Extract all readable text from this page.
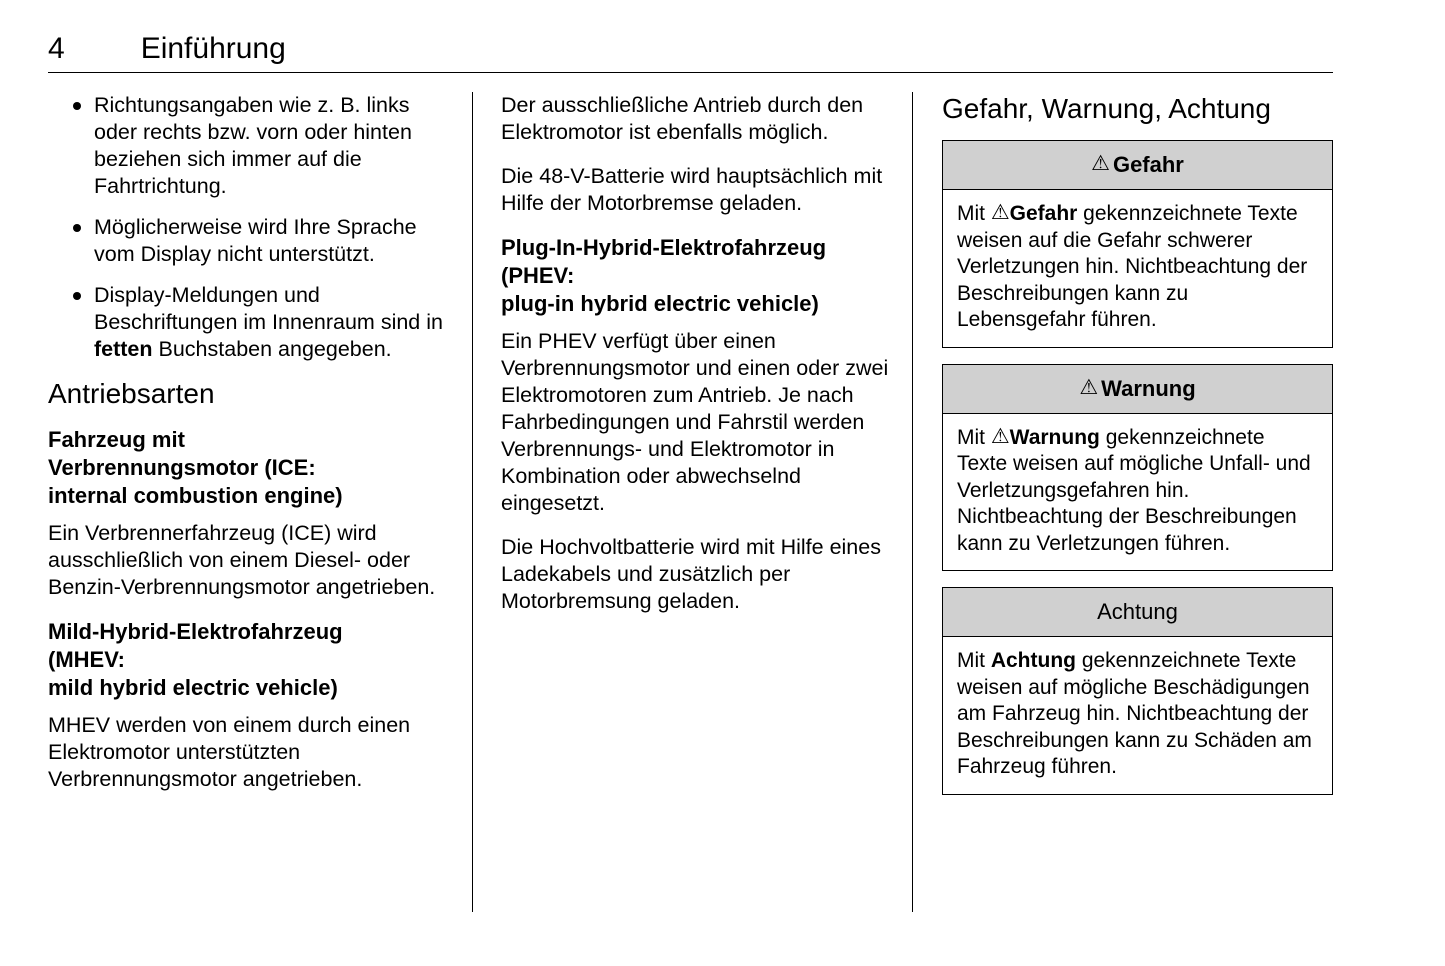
4	Einführung
Richtungsangaben wie z. B. links oder rechts bzw. vorn oder hinten beziehen sich immer auf die Fahrtrichtung.
Möglicherweise wird Ihre Sprache vom Display nicht unterstützt.
Display-Meldungen und Beschriftungen im Innenraum sind in fetten Buchstaben angegeben.
Antriebsarten
Fahrzeug mit
Verbrennungsmotor (ICE:
internal combustion engine)

Ein Verbrennerfahrzeug (ICE) wird ausschließlich von einem Diesel- oder Benzin-Verbrennungsmotor angetrieben.

Mild-Hybrid-Elektrofahrzeug
(MHEV:
mild hybrid electric vehicle)

MHEV werden von einem durch einen Elektromotor unterstützten Verbrennungsmotor angetrieben.

Der ausschließliche Antrieb durch den Elektromotor ist ebenfalls möglich.

Die 48-V-Batterie wird hauptsächlich mit Hilfe der Motorbremse geladen.

Plug-In-Hybrid-Elektrofahrzeug
(PHEV:
plug-in hybrid electric vehicle)

Ein PHEV verfügt über einen Verbrennungsmotor und einen oder zwei Elektromotoren zum Antrieb. Je nach Fahrbedingungen und Fahrstil werden Verbrennungs- und Elektromotor in Kombination oder abwechselnd eingesetzt.

Die Hochvoltbatterie wird mit Hilfe eines Ladekabels und zusätzlich per Motorbremsung geladen.

Gefahr, Warnung, Achtung
⚠ Gefahr
Mit ⚠Gefahr gekennzeichnete Texte weisen auf die Gefahr schwerer Verletzungen hin. Nichtbeachtung der Beschreibungen kann zu Lebensgefahr führen.
⚠ Warnung
Mit ⚠Warnung gekennzeichnete Texte weisen auf mögliche Unfall- und Verletzungsgefahren hin. Nichtbeachtung der Beschreibungen kann zu Verletzungen führen.
Achtung
Mit Achtung gekennzeichnete Texte weisen auf mögliche Beschädigungen am Fahrzeug hin. Nichtbeachtung der Beschreibungen kann zu Schäden am Fahrzeug führen.
